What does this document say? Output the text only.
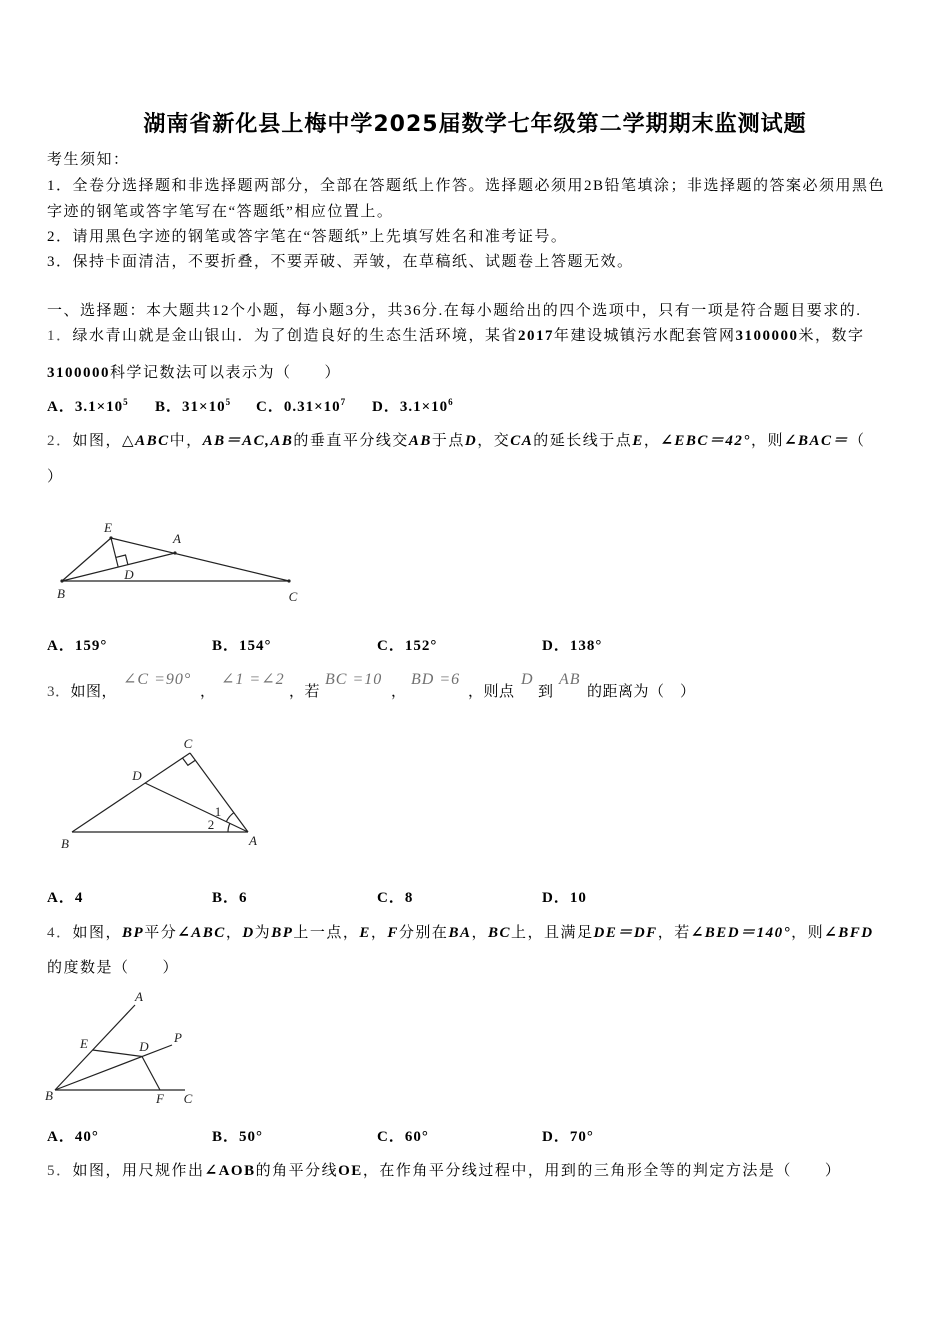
湖南省新化县上梅中学2025届数学七年级第二学期期末监测试题
考生须知：
1．全卷分选择题和非选择题两部分，全部在答题纸上作答。选择题必须用2B铅笔填涂；非选择题的答案必须用黑色
字迹的钢笔或答字笔写在“答题纸”相应位置上。
2．请用黑色字迹的钢笔或答字笔在“答题纸”上先填写姓名和准考证号。
3．保持卡面清洁，不要折叠，不要弄破、弄皱，在草稿纸、试题卷上答题无效。
一、选择题：本大题共12个小题，每小题3分，共36分.在每小题给出的四个选项中，只有一项是符合题目要求的.
1． 绿水青山就是金山银山．为了创造良好的生态生活环境，某省 2017 年建设城镇污水配套管网 3100000 米，数字
3100000 科学记数法可以表示为（　　）
A．$3.1\times 10^5$ B．$31\times 10^5$ C．$0.31\times 10^7$ D．$3.1\times 10^6$
2． 如图，△ ABC 中， AB＝AC,AB 的垂直平分线交 AB 于点 D ，交 CA 的延长线于点 E ， ∠EBC＝42° ，则 ∠BAC＝ （
）
E
A
D
B	C
A．159°	B．154°	C．152°	D．138°
3．如图，
∠C =90°
，
∠1 =∠2
，若
BC =10
，
BD =6
，则点
D
到
AB
的距离为（　）
C
D
B	A
1
2
A．4	B．6	C．8	D．10
4． 如图， BP 平分 ∠ABC ， D 为 BP 上一点， E ， F 分别在 BA ， BC 上，且满足 DE＝DF ，若 ∠BED＝140° ，则 ∠BFD
的度数是（　　）
A
P
E	D
B	F C
A．40°	B．50°	C．60°	D．70°
5． 如图，用尺规作出 ∠AOB 的角平分线 OE ，在作角平分线过程中，用到的三角形全等的判定方法是（　　）
